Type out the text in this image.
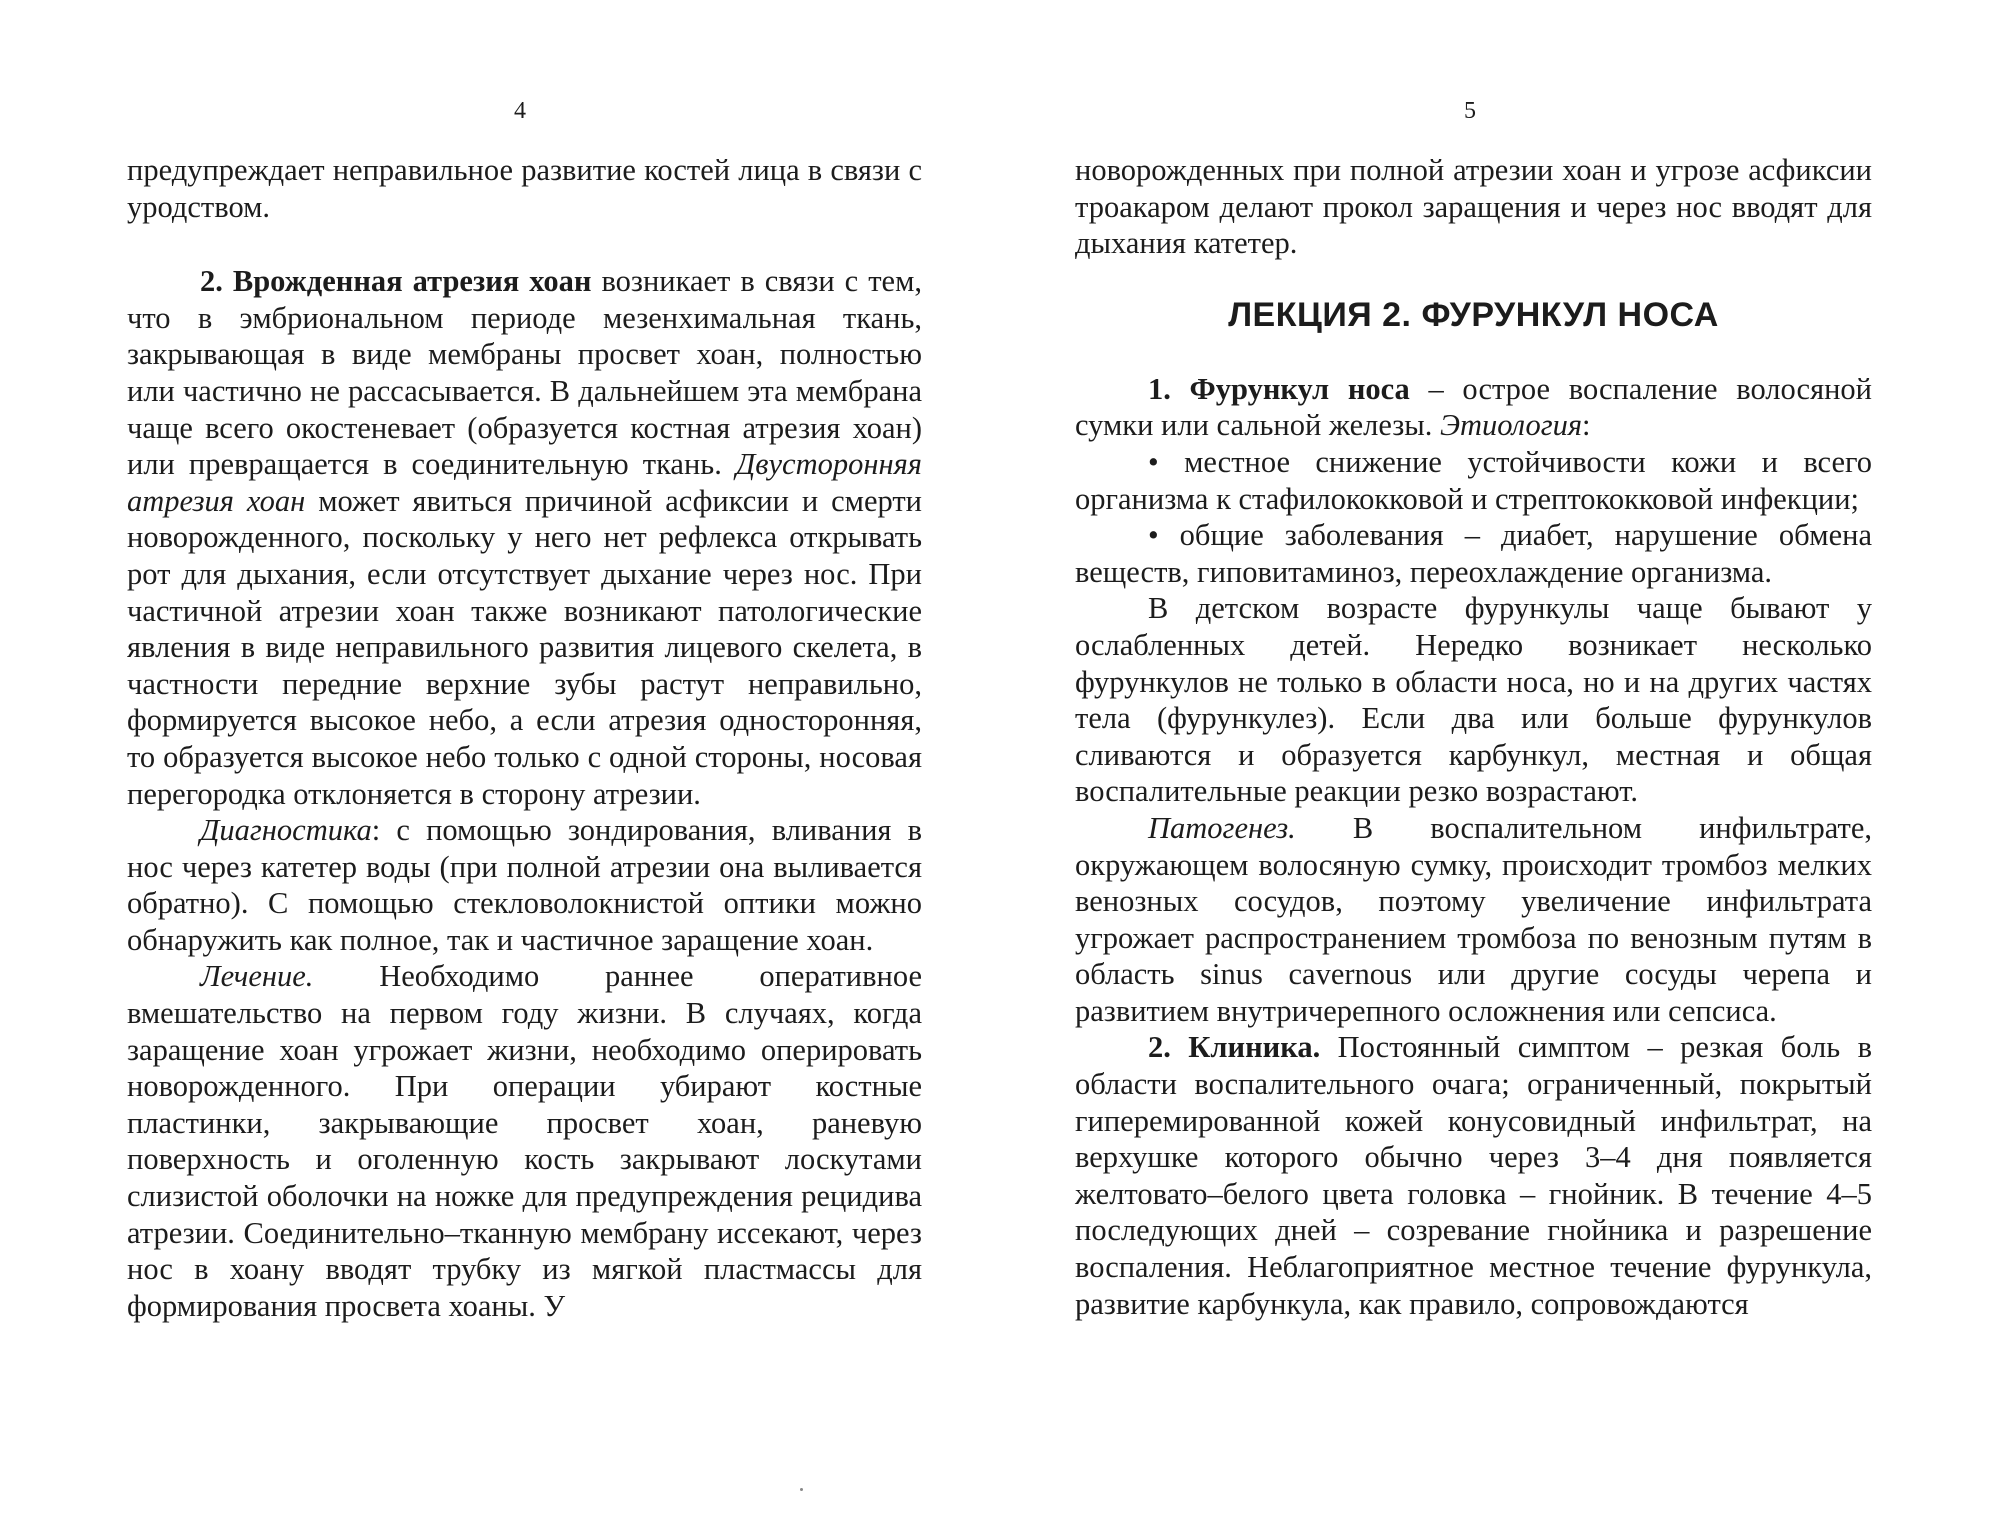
4

предупреждает неправильное развитие костей лица в связи с уродством.

2. Врожденная атрезия хоан возникает в связи с тем, что в эмбриональном периоде мезенхимальная ткань, закрывающая в виде мембраны просвет хоан, полностью или частично не рассасывается. В дальнейшем эта мембрана чаще всего окостеневает (образуется костная атрезия хоан) или превращается в соединительную ткань. Двусторонняя атрезия хоан может явиться причиной асфиксии и смерти новорожденного, поскольку у него нет рефлекса открывать рот для дыхания, если отсутствует дыхание через нос. При частичной атрезии хоан также возникают патологические явления в виде неправильного развития лицевого скелета, в частности передние верхние зубы растут неправильно, формируется высокое небо, а если атрезия односторонняя, то образуется высокое небо только с одной стороны, носовая перегородка отклоняется в сторону атрезии.

Диагностика: с помощью зондирования, вливания в нос через катетер воды (при полной атрезии она выливается обратно). С помощью стекловолокнистой оптики можно обнаружить как полное, так и частичное заращение хоан.

Лечение. Необходимо раннее оперативное вмешательство на первом году жизни. В случаях, когда заращение хоан угрожает жизни, необходимо оперировать новорожденного. При операции убирают костные пластинки, закрывающие просвет хоан, раневую поверхность и оголенную кость закрывают лоскутами слизистой оболочки на ножке для предупреждения рецидива атрезии. Соединительно–тканную мембрану иссекают, через нос в хоану вводят трубку из мягкой пластмассы для формирования просвета хоаны. У

5

новорожденных при полной атрезии хоан и угрозе асфиксии троакаром делают прокол заращения и через нос вводят для дыхания катетер.

ЛЕКЦИЯ 2. ФУРУНКУЛ НОСА

1. Фурункул носа – острое воспаление волосяной сумки или сальной железы. Этиология:

• местное снижение устойчивости кожи и всего организма к стафилококковой и стрептококковой инфекции;

• общие заболевания – диабет, нарушение обмена веществ, гиповитаминоз, переохлаждение организма.

В детском возрасте фурункулы чаще бывают у ослабленных детей. Нередко возникает несколько фурункулов не только в области носа, но и на других частях тела (фурункулез). Если два или больше фурункулов сливаются и образуется карбункул, местная и общая воспалительные реакции резко возрастают.

Патогенез. В воспалительном инфильтрате, окружающем волосяную сумку, происходит тромбоз мелких венозных сосудов, поэтому увеличение инфильтрата угрожает распространением тромбоза по венозным путям в область sinus cavernous или другие сосуды черепа и развитием внутричерепного осложнения или сепсиса.

2. Клиника. Постоянный симптом – резкая боль в области воспалительного очага; ограниченный, покрытый гиперемированной кожей конусовидный инфильтрат, на верхушке которого обычно через 3–4 дня появляется желтовато–белого цвета головка – гнойник. В течение 4–5 последующих дней – созревание гнойника и разрешение воспаления. Неблагоприятное местное течение фурункула, развитие карбункула, как правило, сопровождаются
